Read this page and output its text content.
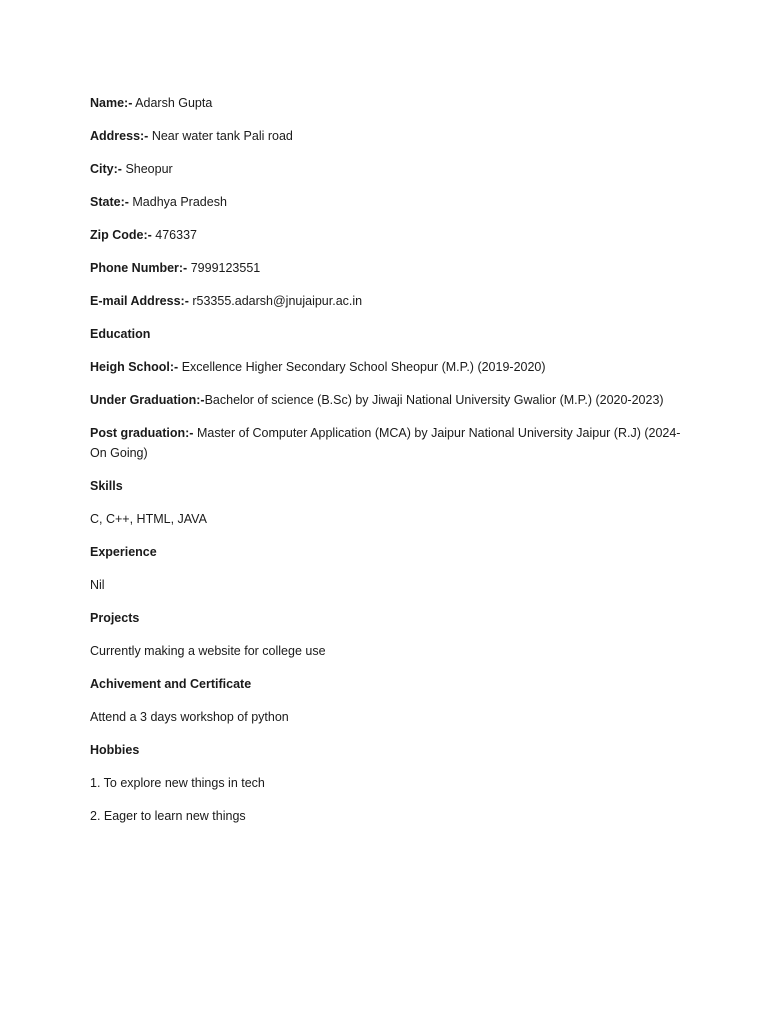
Name:- Adarsh Gupta
Address:- Near water tank Pali road
City:- Sheopur
State:- Madhya Pradesh
Zip Code:- 476337
Phone Number:- 7999123551
E-mail Address:- r53355.adarsh@jnujaipur.ac.in
Education
Heigh School:- Excellence Higher Secondary School Sheopur (M.P.) (2019-2020)
Under Graduation:-Bachelor of science (B.Sc) by Jiwaji National University Gwalior (M.P.) (2020-2023)
Post graduation:- Master of Computer Application (MCA) by Jaipur National University Jaipur (R.J) (2024- On Going)
Skills
C, C++, HTML, JAVA
Experience
Nil
Projects
Currently making a website for college use
Achivement and Certificate
Attend a 3 days workshop of python
Hobbies
1. To explore new things in tech
2. Eager to learn new things
